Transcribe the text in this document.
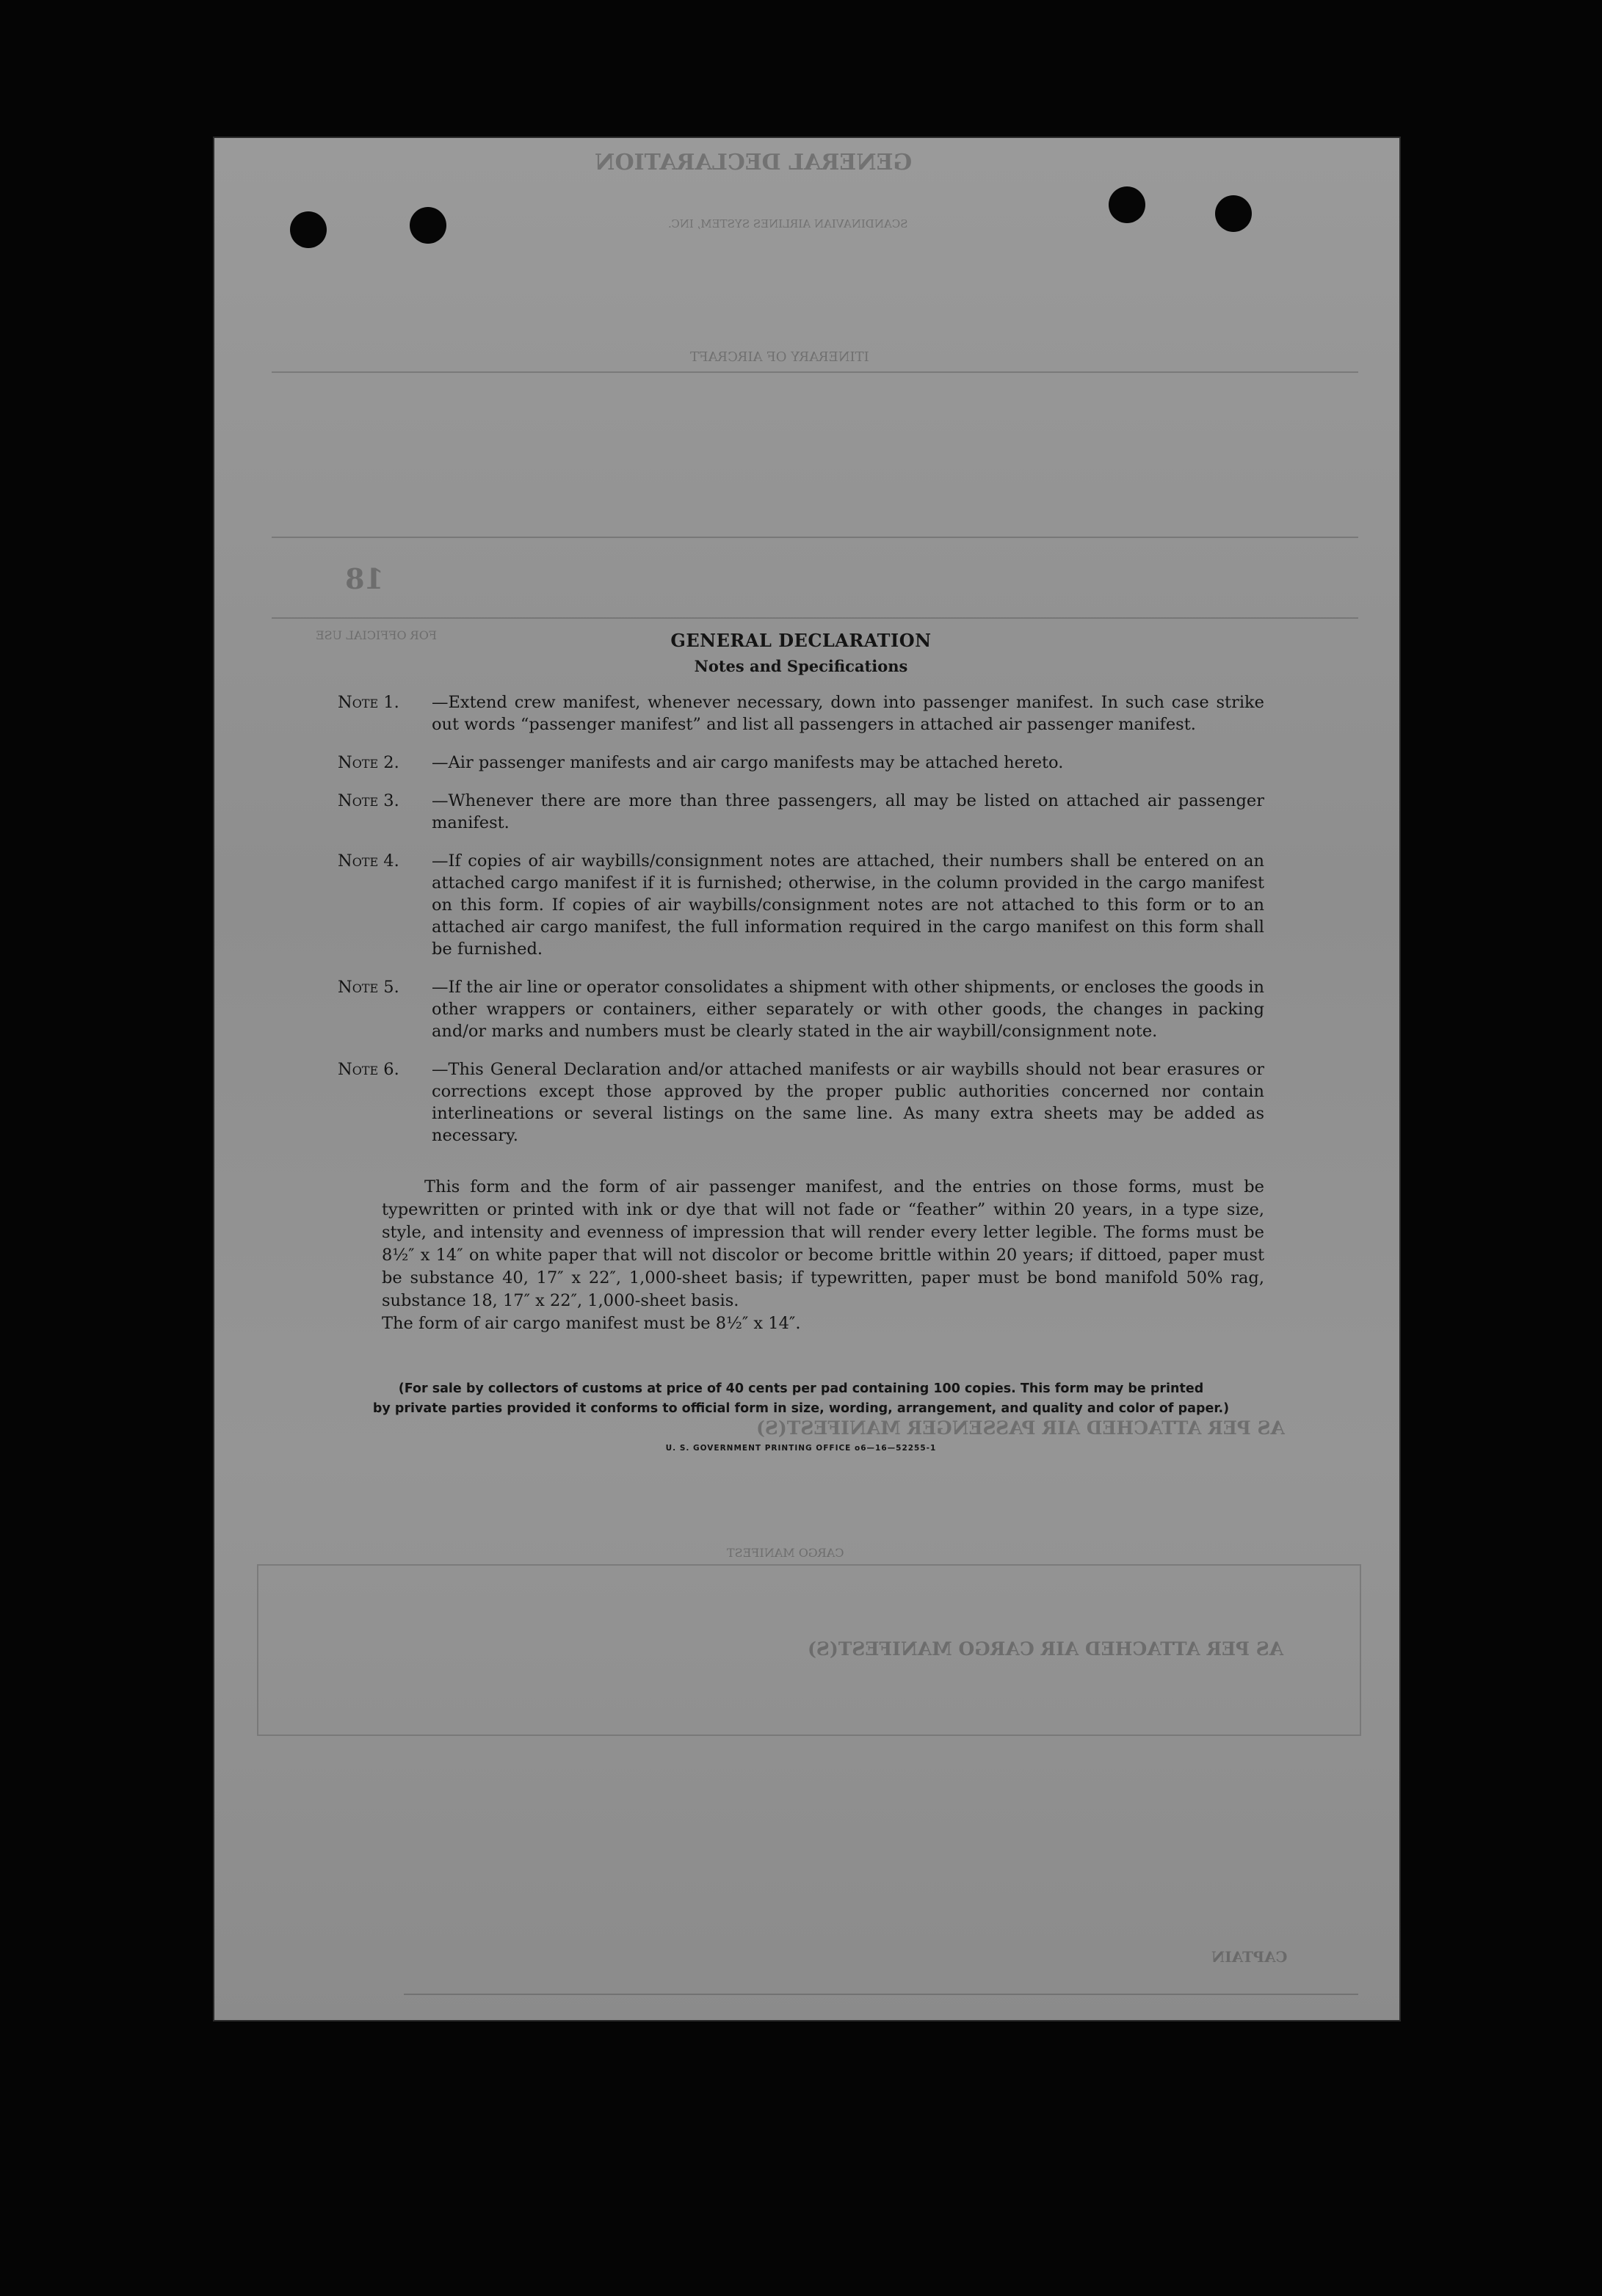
GENERAL DECLARATION
SCANDINAVIAN AIRLINES SYSTEM, INC.
ITINERARY OF AIRCRAFT
18
FOR OFFICIAL USE
AS PER ATTACHED AIR PASSENGER MANIFEST(S)
CARGO MANIFEST
AS PER ATTACHED AIR CARGO MANIFEST(S)
CAPTAIN
GENERAL DECLARATION
Notes and Specifications
Note 1.	—Extend crew manifest, whenever necessary, down into passenger manifest. In such case strike out words “passenger manifest” and list all passengers in attached air passenger manifest.
Note 2.	—Air passenger manifests and air cargo manifests may be attached hereto.
Note 3.	—Whenever there are more than three passengers, all may be listed on attached air passenger manifest.
Note 4.	—If copies of air waybills/consignment notes are attached, their numbers shall be entered on an attached cargo manifest if it is furnished; otherwise, in the column provided in the cargo manifest on this form. If copies of air waybills/consignment notes are not attached to this form or to an attached air cargo manifest, the full information required in the cargo manifest on this form shall be furnished.
Note 5.	—If the air line or operator consolidates a shipment with other shipments, or encloses the goods in other wrappers or containers, either separately or with other goods, the changes in packing and/or marks and numbers must be clearly stated in the air waybill/consignment note.
Note 6.	—This General Declaration and/or attached manifests or air waybills should not bear erasures or corrections except those approved by the proper public authorities concerned nor contain interlineations or several listings on the same line. As many extra sheets may be added as necessary.
This form and the form of air passenger manifest, and the entries on those forms, must be typewritten or printed with ink or dye that will not fade or “feather” within 20 years, in a type size, style, and intensity and evenness of impression that will render every letter legible. The forms must be 8½″ x 14″ on white paper that will not discolor or become brittle within 20 years; if dittoed, paper must be substance 40, 17″ x 22″, 1,000-sheet basis; if typewritten, paper must be bond manifold 50% rag, substance 18, 17″ x 22″, 1,000-sheet basis.
The form of air cargo manifest must be 8½″ x 14″.
(For sale by collectors of customs at price of 40 cents per pad containing 100 copies. This form may be printed
by private parties provided it conforms to official form in size, wording, arrangement, and quality and color of paper.)
U. S. GOVERNMENT PRINTING OFFICE o6—16—52255-1
